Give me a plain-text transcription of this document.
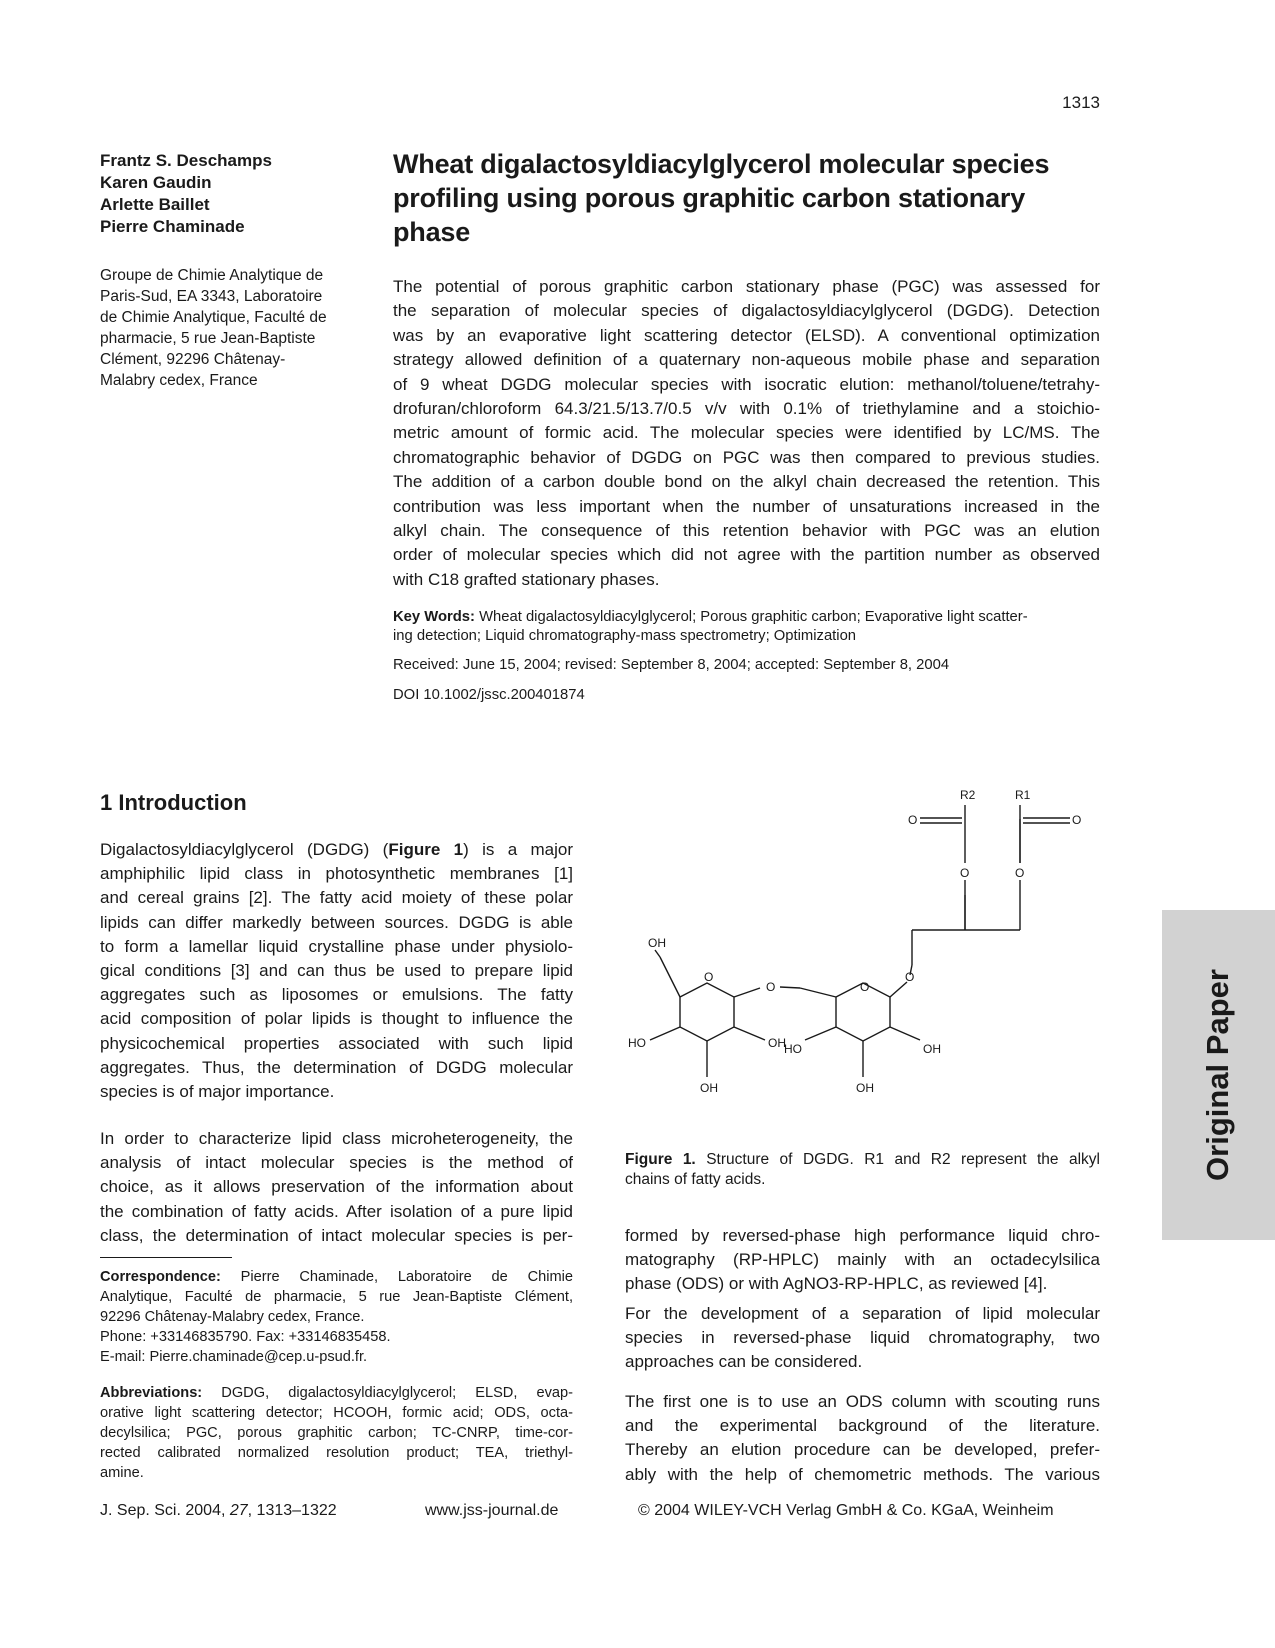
1313
Frantz S. Deschamps
Karen Gaudin
Arlette Baillet
Pierre Chaminade
Groupe de Chimie Analytique de
Paris-Sud, EA 3343, Laboratoire
de Chimie Analytique, Faculté de
pharmacie, 5 rue Jean-Baptiste
Clément, 92296 Châtenay-
Malabry cedex, France
Wheat digalactosyldiacylglycerol molecular species
profiling using porous graphitic carbon stationary
phase
The potential of porous graphitic carbon stationary phase (PGC) was assessed for
the separation of molecular species of digalactosyldiacylglycerol (DGDG). Detection
was by an evaporative light scattering detector (ELSD). A conventional optimization
strategy allowed definition of a quaternary non-aqueous mobile phase and separation
of 9 wheat DGDG molecular species with isocratic elution: methanol/toluene/tetrahy-
drofuran/chloroform 64.3/21.5/13.7/0.5 v/v with 0.1% of triethylamine and a stoichio-
metric amount of formic acid. The molecular species were identified by LC/MS. The
chromatographic behavior of DGDG on PGC was then compared to previous studies.
The addition of a carbon double bond on the alkyl chain decreased the retention. This
contribution was less important when the number of unsaturations increased in the
alkyl chain. The consequence of this retention behavior with PGC was an elution
order of molecular species which did not agree with the partition number as observed
with C18 grafted stationary phases.
Key Words: Wheat digalactosyldiacylglycerol; Porous graphitic carbon; Evaporative light scatter-
ing detection; Liquid chromatography-mass spectrometry; Optimization
Received: June 15, 2004; revised: September 8, 2004; accepted: September 8, 2004
DOI 10.1002/jssc.200401874
1 Introduction
Digalactosyldiacylglycerol (DGDG) (Figure 1) is a major
amphiphilic lipid class in photosynthetic membranes [1]
and cereal grains [2]. The fatty acid moiety of these polar
lipids can differ markedly between sources. DGDG is able
to form a lamellar liquid crystalline phase under physiolo-
gical conditions [3] and can thus be used to prepare lipid
aggregates such as liposomes or emulsions. The fatty
acid composition of polar lipids is thought to influence the
physicochemical properties associated with such lipid
aggregates. Thus, the determination of DGDG molecular
species is of major importance.
In order to characterize lipid class microheterogeneity, the
analysis of intact molecular species is the method of
choice, as it allows preservation of the information about
the combination of fatty acids. After isolation of a pure lipid
class, the determination of intact molecular species is per-
Correspondence: Pierre Chaminade, Laboratoire de Chimie
Analytique, Faculté de pharmacie, 5 rue Jean-Baptiste Clément,
92296 Châtenay-Malabry cedex, France.
Phone: +33146835790. Fax: +33146835458.
E-mail: Pierre.chaminade@cep.u-psud.fr.
Abbreviations: DGDG, digalactosyldiacylglycerol; ELSD, evap-
orative light scattering detector; HCOOH, formic acid; ODS, octa-
decylsilica; PGC, porous graphitic carbon; TC-CNRP, time-cor-
rected calibrated normalized resolution product; TEA, triethyl-
amine.
R2	R1
O	O
O	O
OH
O
O	O
O
HO	OH
OH
HO	OH
OH
Figure 1. Structure of DGDG. R1 and R2 represent the alkyl
chains of fatty acids.
formed by reversed-phase high performance liquid chro-
matography (RP-HPLC) mainly with an octadecylsilica
phase (ODS) or with AgNO3-RP-HPLC, as reviewed [4].
For the development of a separation of lipid molecular
species in reversed-phase liquid chromatography, two
approaches can be considered.
The first one is to use an ODS column with scouting runs
and the experimental background of the literature.
Thereby an elution procedure can be developed, prefer-
ably with the help of chemometric methods. The various
J. Sep. Sci. 2004, 27, 1313–1322	www.jss-journal.de	© 2004 WILEY-VCH Verlag GmbH & Co. KGaA, Weinheim
Original Paper
